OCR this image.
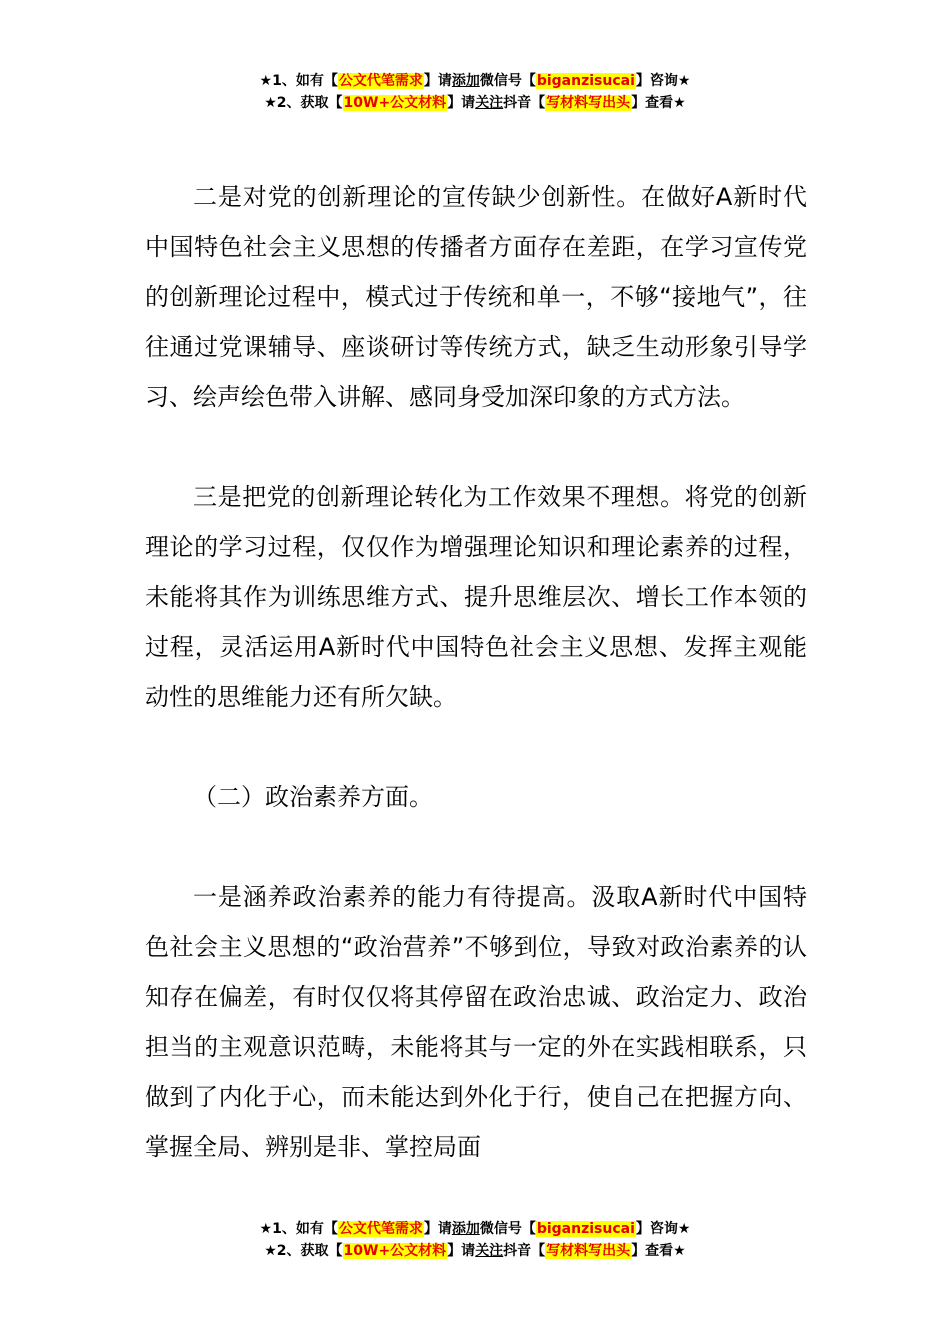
★1、如有【公文代笔需求】请添加微信号【biganzisucai】咨询★
★2、获取【10W+公文材料】请关注抖音【写材料写出头】查看★

二是对党的创新理论的宣传缺少创新性。在做好A新时代中国特色社会主义思想的传播者方面存在差距，在学习宣传党的创新理论过程中，模式过于传统和单一，不够“接地气”，往往通过党课辅导、座谈研讨等传统方式，缺乏生动形象引导学习、绘声绘色带入讲解、感同身受加深印象的方式方法。

三是把党的创新理论转化为工作效果不理想。将党的创新理论的学习过程，仅仅作为增强理论知识和理论素养的过程，未能将其作为训练思维方式、提升思维层次、增长工作本领的过程，灵活运用A新时代中国特色社会主义思想、发挥主观能动性的思维能力还有所欠缺。

（二）政治素养方面。

一是涵养政治素养的能力有待提高。汲取A新时代中国特色社会主义思想的“政治营养”不够到位，导致对政治素养的认知存在偏差，有时仅仅将其停留在政治忠诚、政治定力、政治担当的主观意识范畴，未能将其与一定的外在实践相联系，只做到了内化于心，而未能达到外化于行，使自己在把握方向、掌握全局、辨别是非、掌控局面

★1、如有【公文代笔需求】请添加微信号【biganzisucai】咨询★
★2、获取【10W+公文材料】请关注抖音【写材料写出头】查看★
